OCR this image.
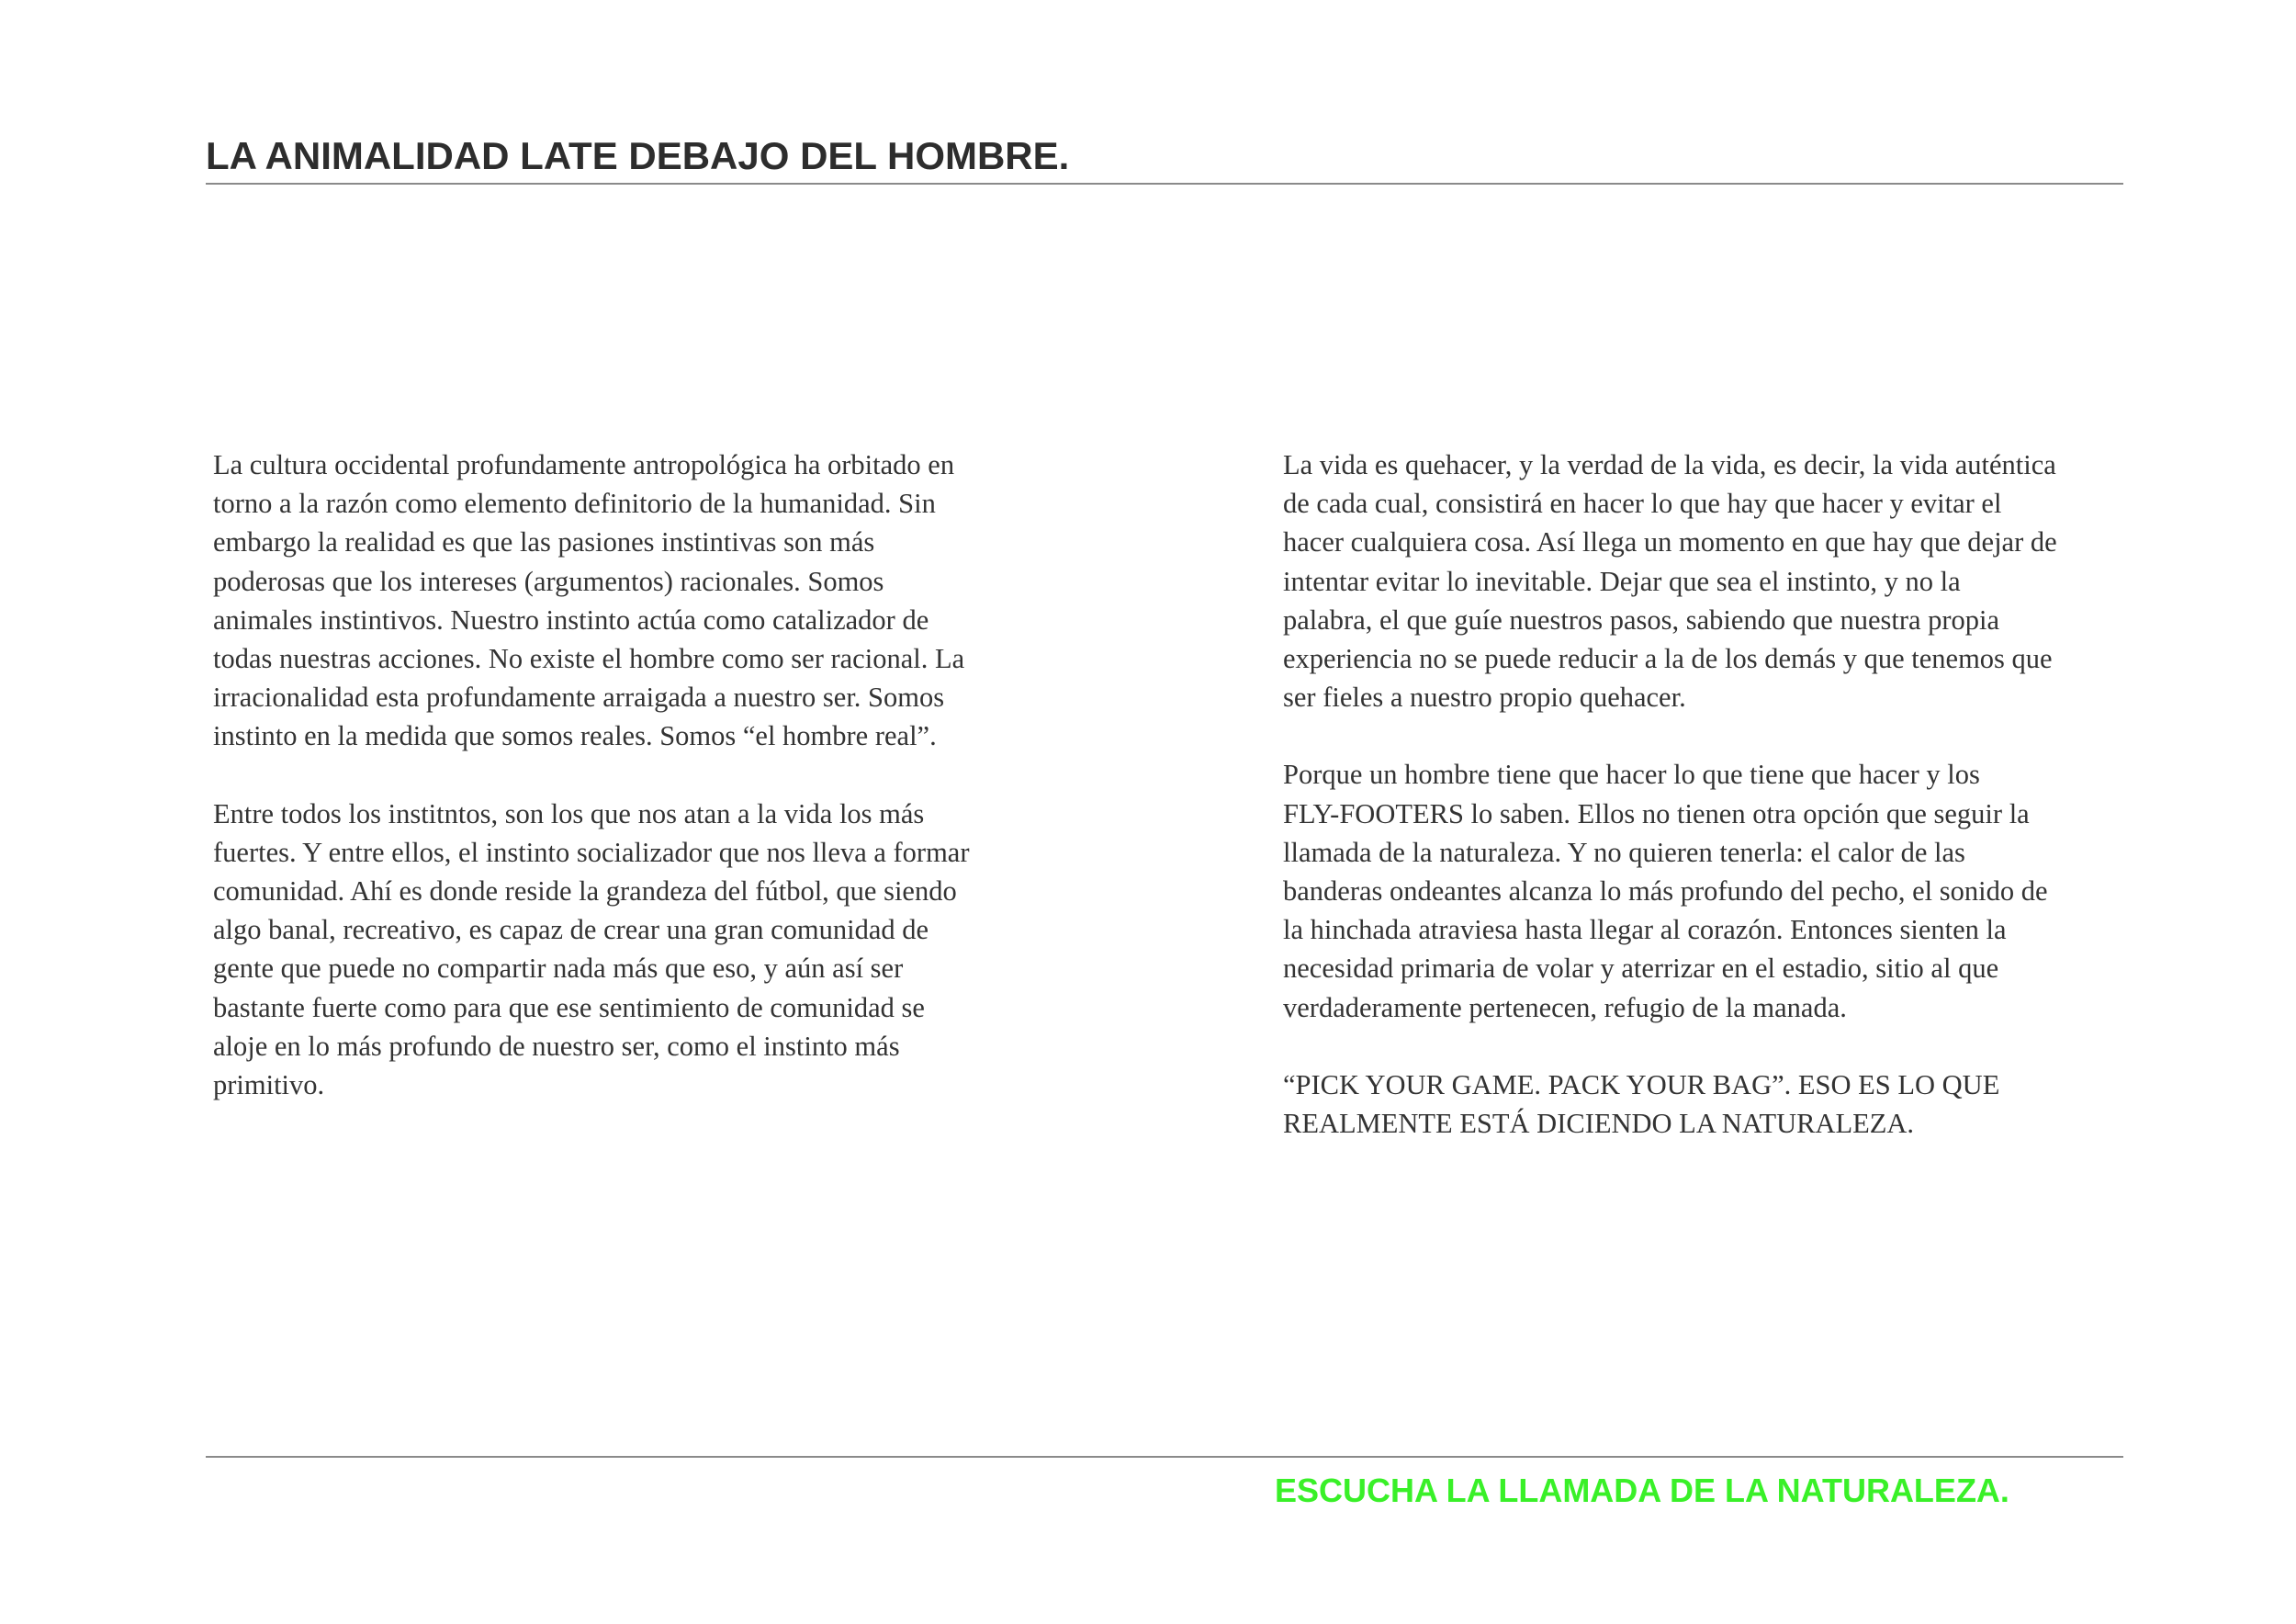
LA ANIMALIDAD LATE DEBAJO DEL HOMBRE.

La cultura occidental profundamente antropológica ha orbitado en
torno a la razón como elemento definitorio de la humanidad. Sin
embargo la realidad es que las pasiones instintivas son más
poderosas que los intereses (argumentos) racionales. Somos
animales instintivos. Nuestro instinto actúa como catalizador de
todas nuestras acciones. No existe el hombre como ser racional. La
irracionalidad esta profundamente arraigada a nuestro ser. Somos
instinto en la medida que somos reales. Somos “el hombre real”.

Entre todos los institntos, son los que nos atan a la vida los más
fuertes. Y entre ellos, el instinto socializador que nos lleva a formar
comunidad. Ahí es donde reside la grandeza del fútbol, que siendo
algo banal, recreativo, es capaz de crear una gran comunidad de
gente que puede no compartir nada más que eso, y aún así ser
bastante fuerte como para que ese sentimiento de comunidad se
aloje en lo más profundo de nuestro ser, como el instinto más
primitivo.

La vida es quehacer, y la verdad de la vida, es decir, la vida auténtica
de cada cual, consistirá en hacer lo que hay que hacer y evitar el
hacer cualquiera cosa. Así llega un momento en que hay que dejar de
intentar evitar lo inevitable. Dejar que sea el instinto, y no la
palabra, el que guíe nuestros pasos, sabiendo que nuestra propia
experiencia no se puede reducir a la de los demás y que tenemos que
ser fieles a nuestro propio quehacer.

Porque un hombre tiene que hacer lo que tiene que hacer y los
FLY-FOOTERS lo saben. Ellos no tienen otra opción que seguir la
llamada de la naturaleza. Y no quieren tenerla: el calor de las
banderas ondeantes alcanza lo más profundo del pecho, el sonido de
la hinchada atraviesa hasta llegar al corazón. Entonces sienten la
necesidad primaria de volar y aterrizar en el estadio, sitio al que
verdaderamente pertenecen, refugio de la manada.

“PICK YOUR GAME. PACK YOUR BAG”. ESO ES LO QUE
REALMENTE ESTÁ DICIENDO LA NATURALEZA.

ESCUCHA LA LLAMADA DE LA NATURALEZA.
